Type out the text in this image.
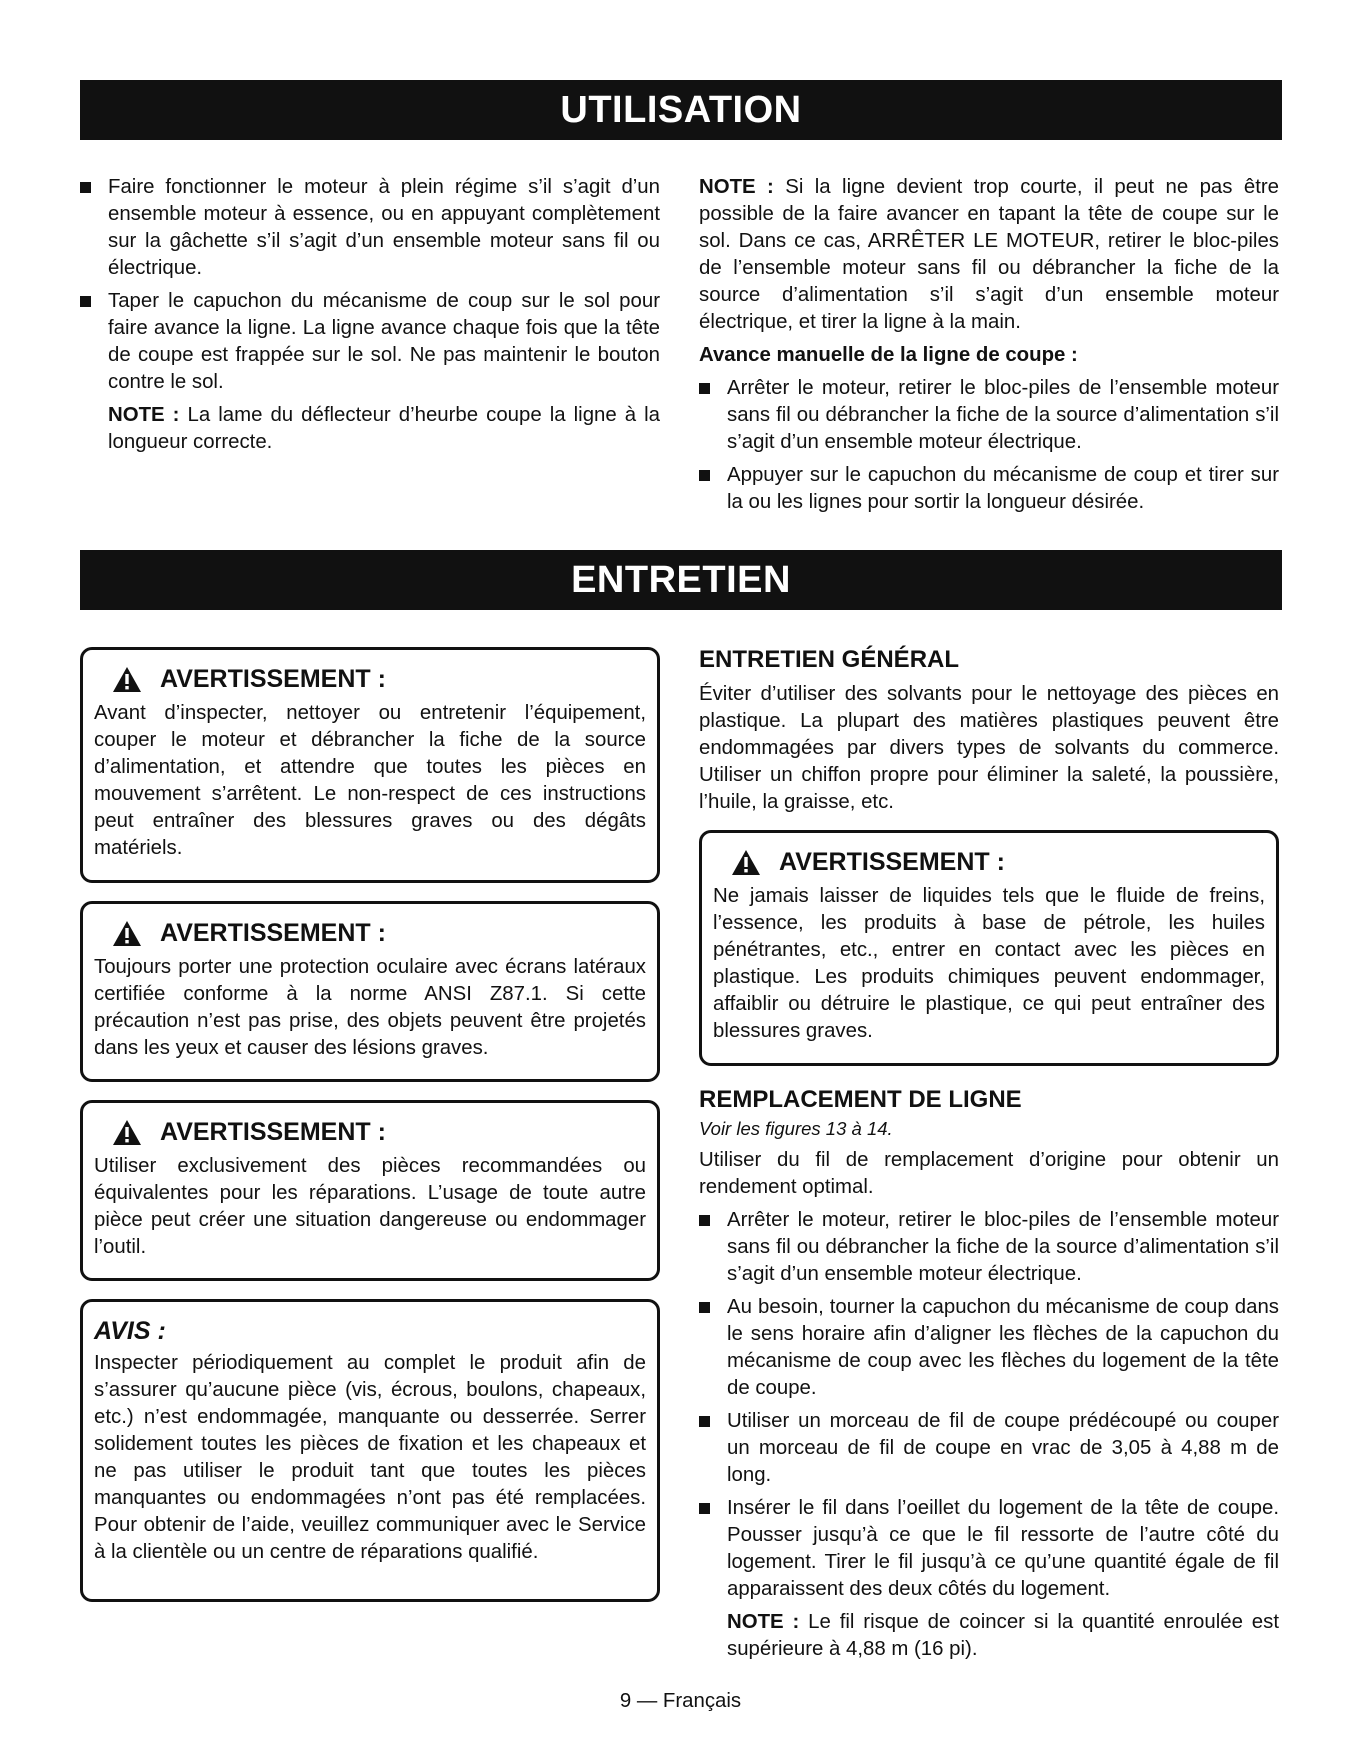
UTILISATION

Faire fonctionner le moteur à plein régime s’il s’agit d’un ensemble moteur à essence, ou en appuyant complètement sur la gâchette s’il s’agit d’un ensemble moteur sans fil ou électrique.

Taper le capuchon du mécanisme de coup sur le sol pour faire avance la ligne. La ligne avance chaque fois que la tête de coupe est frappée sur le sol. Ne pas maintenir le bouton contre le sol.

NOTE : La lame du déflecteur d’heurbe coupe la ligne à la longueur correcte.

NOTE : Si la ligne devient trop courte, il peut ne pas être possible de la faire avancer en tapant la tête de coupe sur le sol. Dans ce cas, ARRÊTER LE MOTEUR, retirer le bloc-piles de l’ensemble moteur sans fil ou débrancher la fiche de la source d’alimentation s’il s’agit d’un ensemble moteur électrique, et tirer la ligne à la main.

Avance manuelle de la ligne de coupe :

Arrêter le moteur, retirer le bloc-piles de l’ensemble moteur sans fil ou débrancher la fiche de la source d’alimentation s’il s’agit d’un ensemble moteur électrique.

Appuyer sur le capuchon du mécanisme de coup et tirer sur la ou les lignes pour sortir la longueur désirée.

ENTRETIEN
AVERTISSEMENT :

Avant d’inspecter, nettoyer ou entretenir l’équipement, couper le moteur et débrancher la fiche de la source d’alimentation, et attendre que toutes les pièces en mouvement s’arrêtent. Le non-respect de ces instructions peut entraîner des blessures graves ou des dégâts matériels.

AVERTISSEMENT :

Toujours porter une protection oculaire avec écrans latéraux certifiée conforme à la norme ANSI Z87.1. Si cette précaution n’est pas prise, des objets peuvent être projetés dans les yeux et causer des lésions graves.

AVERTISSEMENT :

Utiliser exclusivement des pièces recommandées ou équivalentes pour les réparations. L’usage de toute autre pièce peut créer une situation dangereuse ou endommager l’outil.

AVIS :

Inspecter périodiquement au complet le produit afin de s’assurer qu’aucune pièce (vis, écrous, boulons, chapeaux, etc.) n’est endommagée, manquante ou desserrée. Serrer solidement toutes les pièces de fixation et les chapeaux et ne pas utiliser le produit tant que toutes les pièces manquantes ou endommagées n’ont pas été remplacées. Pour obtenir de l’aide, veuillez communiquer avec le Service à la clientèle ou un centre de réparations qualifié.

ENTRETIEN GÉNÉRAL

Éviter d’utiliser des solvants pour le nettoyage des pièces en plastique. La plupart des matières plastiques peuvent être endommagées par divers types de solvants du commerce. Utiliser un chiffon propre pour éliminer la saleté, la poussière, l’huile, la graisse, etc.

AVERTISSEMENT :

Ne jamais laisser de liquides tels que le fluide de freins, l’essence, les produits à base de pétrole, les huiles pénétrantes, etc., entrer en contact avec les pièces en plastique. Les produits chimiques peuvent endommager, affaiblir ou détruire le plastique, ce qui peut entraîner des blessures graves.

REMPLACEMENT DE LIGNE
Voir les figures 13 à 14.

Utiliser du fil de remplacement d’origine pour obtenir un rendement optimal.

Arrêter le moteur, retirer le bloc-piles de l’ensemble moteur sans fil ou débrancher la fiche de la source d’alimentation s’il s’agit d’un ensemble moteur électrique.

Au besoin, tourner la capuchon du mécanisme de coup dans le sens horaire afin d’aligner les flèches de la capuchon du mécanisme de coup avec les flèches du logement de la tête de coupe.

Utiliser un morceau de fil de coupe prédécoupé ou couper un morceau de fil de coupe en vrac de 3,05 à 4,88 m de long.

Insérer le fil dans l’oeillet du logement de la tête de coupe. Pousser jusqu’à ce que le fil ressorte de l’autre côté du logement. Tirer le fil jusqu’à ce qu’une quantité égale de fil apparaissent des deux côtés du logement.

NOTE : Le fil risque de coincer si la quantité enroulée est supérieure à 4,88 m (16 pi).

9 — Français
